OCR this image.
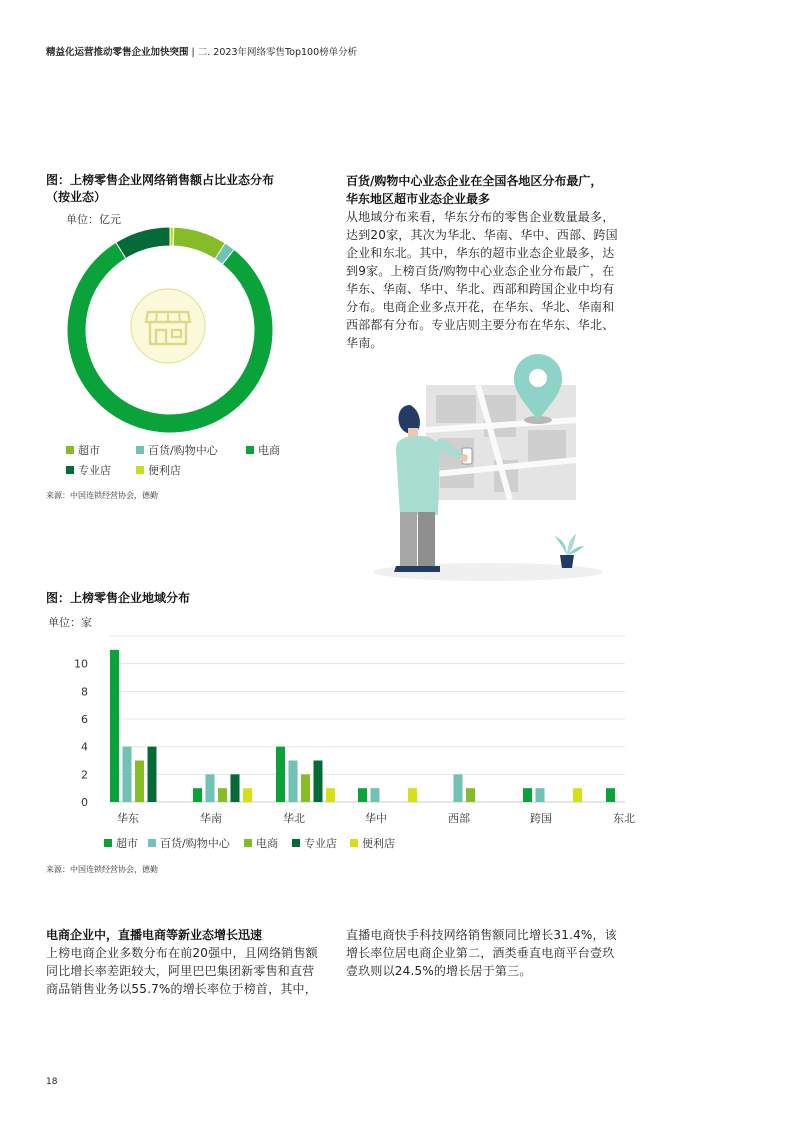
精益化运营推动零售企业加快突围 | 二. 2023年网络零售Top100榜单分析
图：上榜零售企业网络销售额占比业态分布
（按业态）
单位：亿元
超市	百货/购物中心	电商
专业店	便利店
来源：中国连锁经营协会，德勤
百货/购物中心业态企业在全国各地区分布最广，
华东地区超市业态企业最多
从地域分布来看，华东分布的零售企业数量最多，
达到20家，其次为华北、华南、华中、西部、跨国
企业和东北。其中，华东的超市业态企业最多，达
到9家。上榜百货/购物中心业态企业分布最广，在
华东、华南、华中、华北、西部和跨国企业中均有
分布。电商企业多点开花，在华东、华北、华南和
西部都有分布。专业店则主要分布在华东、华北、
华南。
图：上榜零售企业地域分布
单位：家
0
2
4
6
8
10
华东	华南	华北	华中	西部	跨国	东北
超市 百货/购物中心 电商 专业店 便利店
来源：中国连锁经营协会，德勤
电商企业中，直播电商等新业态增长迅速
上榜电商企业多数分布在前20强中，且网络销售额
同比增长率差距较大，阿里巴巴集团新零售和直营
商品销售业务以55.7%的增长率位于榜首，其中，
直播电商快手科技网络销售额同比增长31.4%，该
增长率位居电商企业第二，酒类垂直电商平台壹玖
壹玖则以24.5%的增长居于第三。
18
